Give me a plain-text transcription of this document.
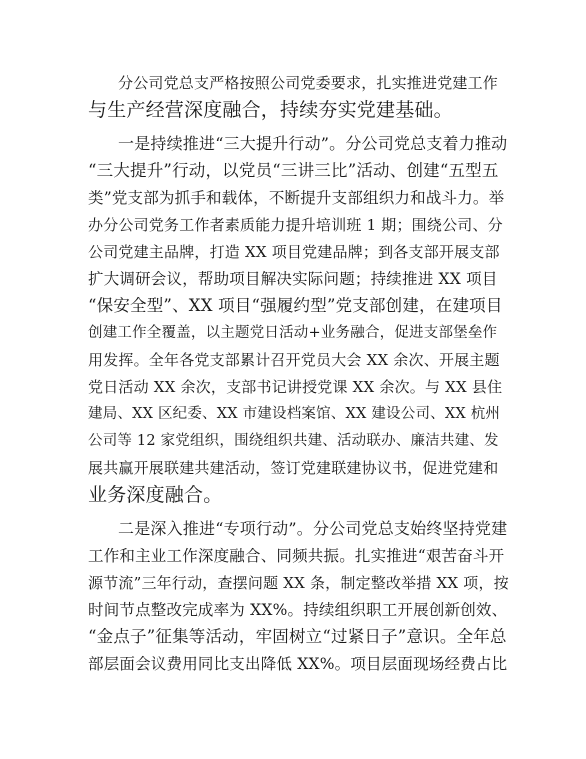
分公司党总支严格按照公司党委要求，扎实推进党建工作
与生产经营深度融合，持续夯实党建基础。
一是持续推进“三大提升行动”。分公司党总支着力推动
“三大提升”行动，以党员“三讲三比”活动、创建“五型五
类”党支部为抓手和载体，不断提升支部组织力和战斗力。举
办分公司党务工作者素质能力提升培训班 1 期；围绕公司、分
公司党建主品牌，打造 XX 项目党建品牌；到各支部开展支部
扩大调研会议，帮助项目解决实际问题；持续推进 XX 项目
“保安全型”、XX 项目“强履约型”党支部创建，在建项目
创建工作全覆盖，以主题党日活动+业务融合，促进支部堡垒作
用发挥。全年各党支部累计召开党员大会 XX 余次、开展主题
党日活动 XX 余次，支部书记讲授党课 XX 余次。与 XX 县住
建局、XX 区纪委、XX 市建设档案馆、XX 建设公司、XX 杭州
公司等 12 家党组织，围绕组织共建、活动联办、廉洁共建、发
展共赢开展联建共建活动，签订党建联建协议书，促进党建和
业务深度融合。
二是深入推进“专项行动”。分公司党总支始终坚持党建
工作和主业工作深度融合、同频共振。扎实推进“艰苦奋斗开
源节流”三年行动，查摆问题 XX 条，制定整改举措 XX 项，按
时间节点整改完成率为 XX%。持续组织职工开展创新创效、
“金点子”征集等活动，牢固树立“过紧日子”意识。全年总
部层面会议费用同比支出降低 XX%。项目层面现场经费占比
